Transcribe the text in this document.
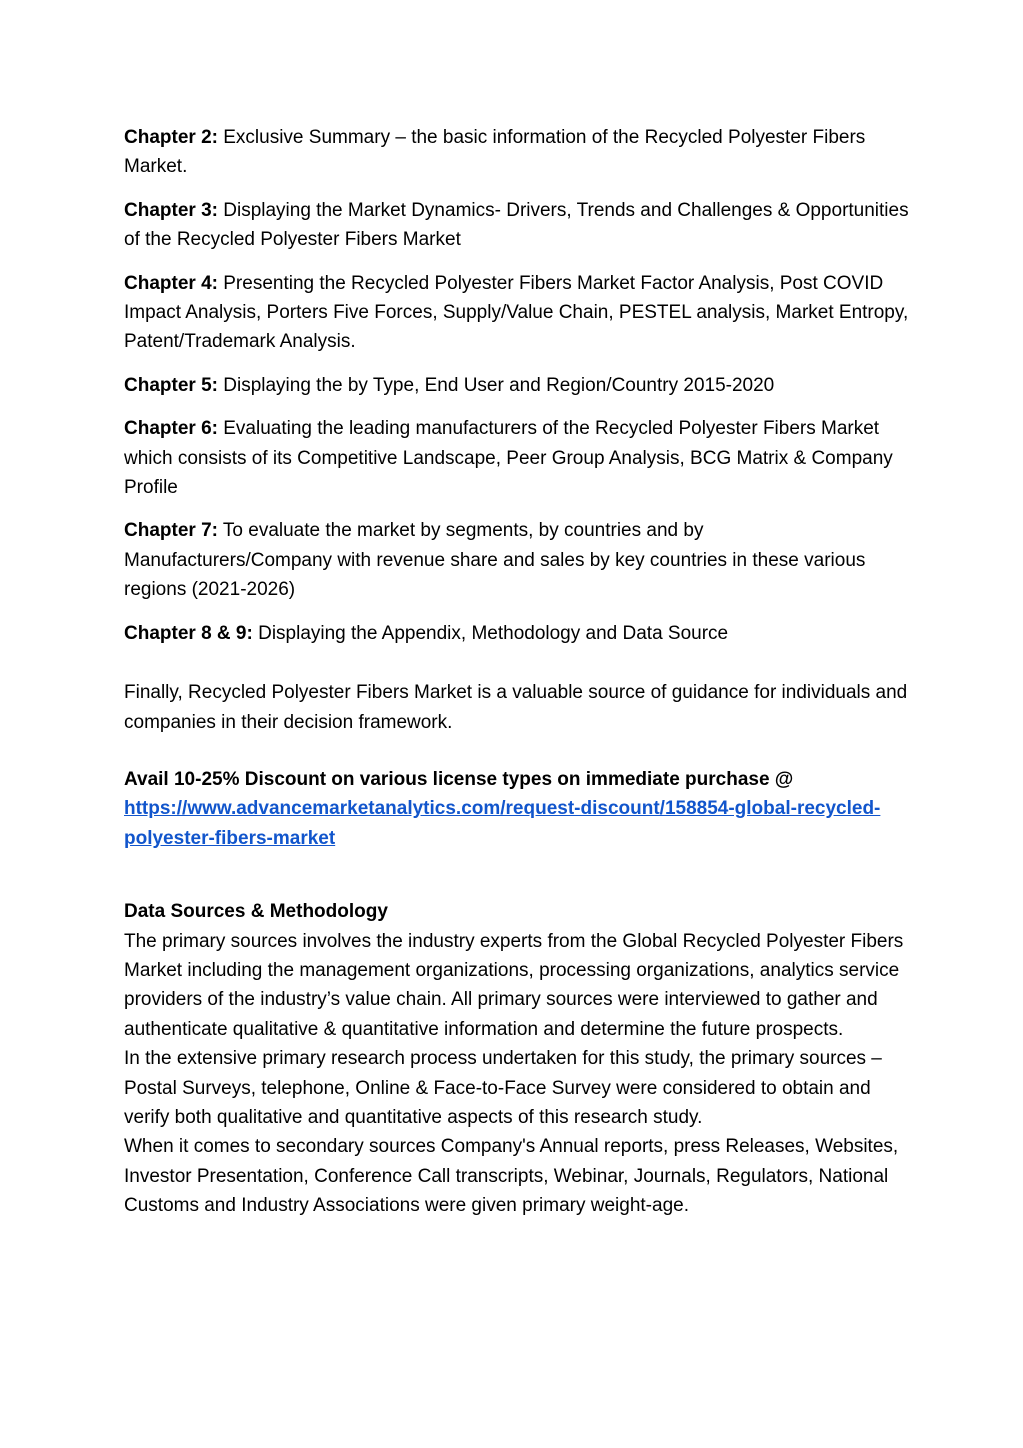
Chapter 2: Exclusive Summary – the basic information of the Recycled Polyester Fibers Market.

Chapter 3: Displaying the Market Dynamics- Drivers, Trends and Challenges & Opportunities of the Recycled Polyester Fibers Market

Chapter 4: Presenting the Recycled Polyester Fibers Market Factor Analysis, Post COVID Impact Analysis, Porters Five Forces, Supply/Value Chain, PESTEL analysis, Market Entropy, Patent/Trademark Analysis.

Chapter 5: Displaying the by Type, End User and Region/Country 2015-2020

Chapter 6: Evaluating the leading manufacturers of the Recycled Polyester Fibers Market which consists of its Competitive Landscape, Peer Group Analysis, BCG Matrix & Company Profile

Chapter 7: To evaluate the market by segments, by countries and by Manufacturers/Company with revenue share and sales by key countries in these various regions (2021-2026)

Chapter 8 & 9: Displaying the Appendix, Methodology and Data Source

Finally, Recycled Polyester Fibers Market is a valuable source of guidance for individuals and companies in their decision framework.

Avail 10-25% Discount on various license types on immediate purchase @
https://www.advancemarketanalytics.com/request-discount/158854-global-recycled-polyester-fibers-market

Data Sources & Methodology

The primary sources involves the industry experts from the Global Recycled Polyester Fibers Market including the management organizations, processing organizations, analytics service providers of the industry’s value chain. All primary sources were interviewed to gather and authenticate qualitative & quantitative information and determine the future prospects.

In the extensive primary research process undertaken for this study, the primary sources – Postal Surveys, telephone, Online & Face-to-Face Survey were considered to obtain and verify both qualitative and quantitative aspects of this research study.

When it comes to secondary sources Company's Annual reports, press Releases, Websites, Investor Presentation, Conference Call transcripts, Webinar, Journals, Regulators, National Customs and Industry Associations were given primary weight-age.
